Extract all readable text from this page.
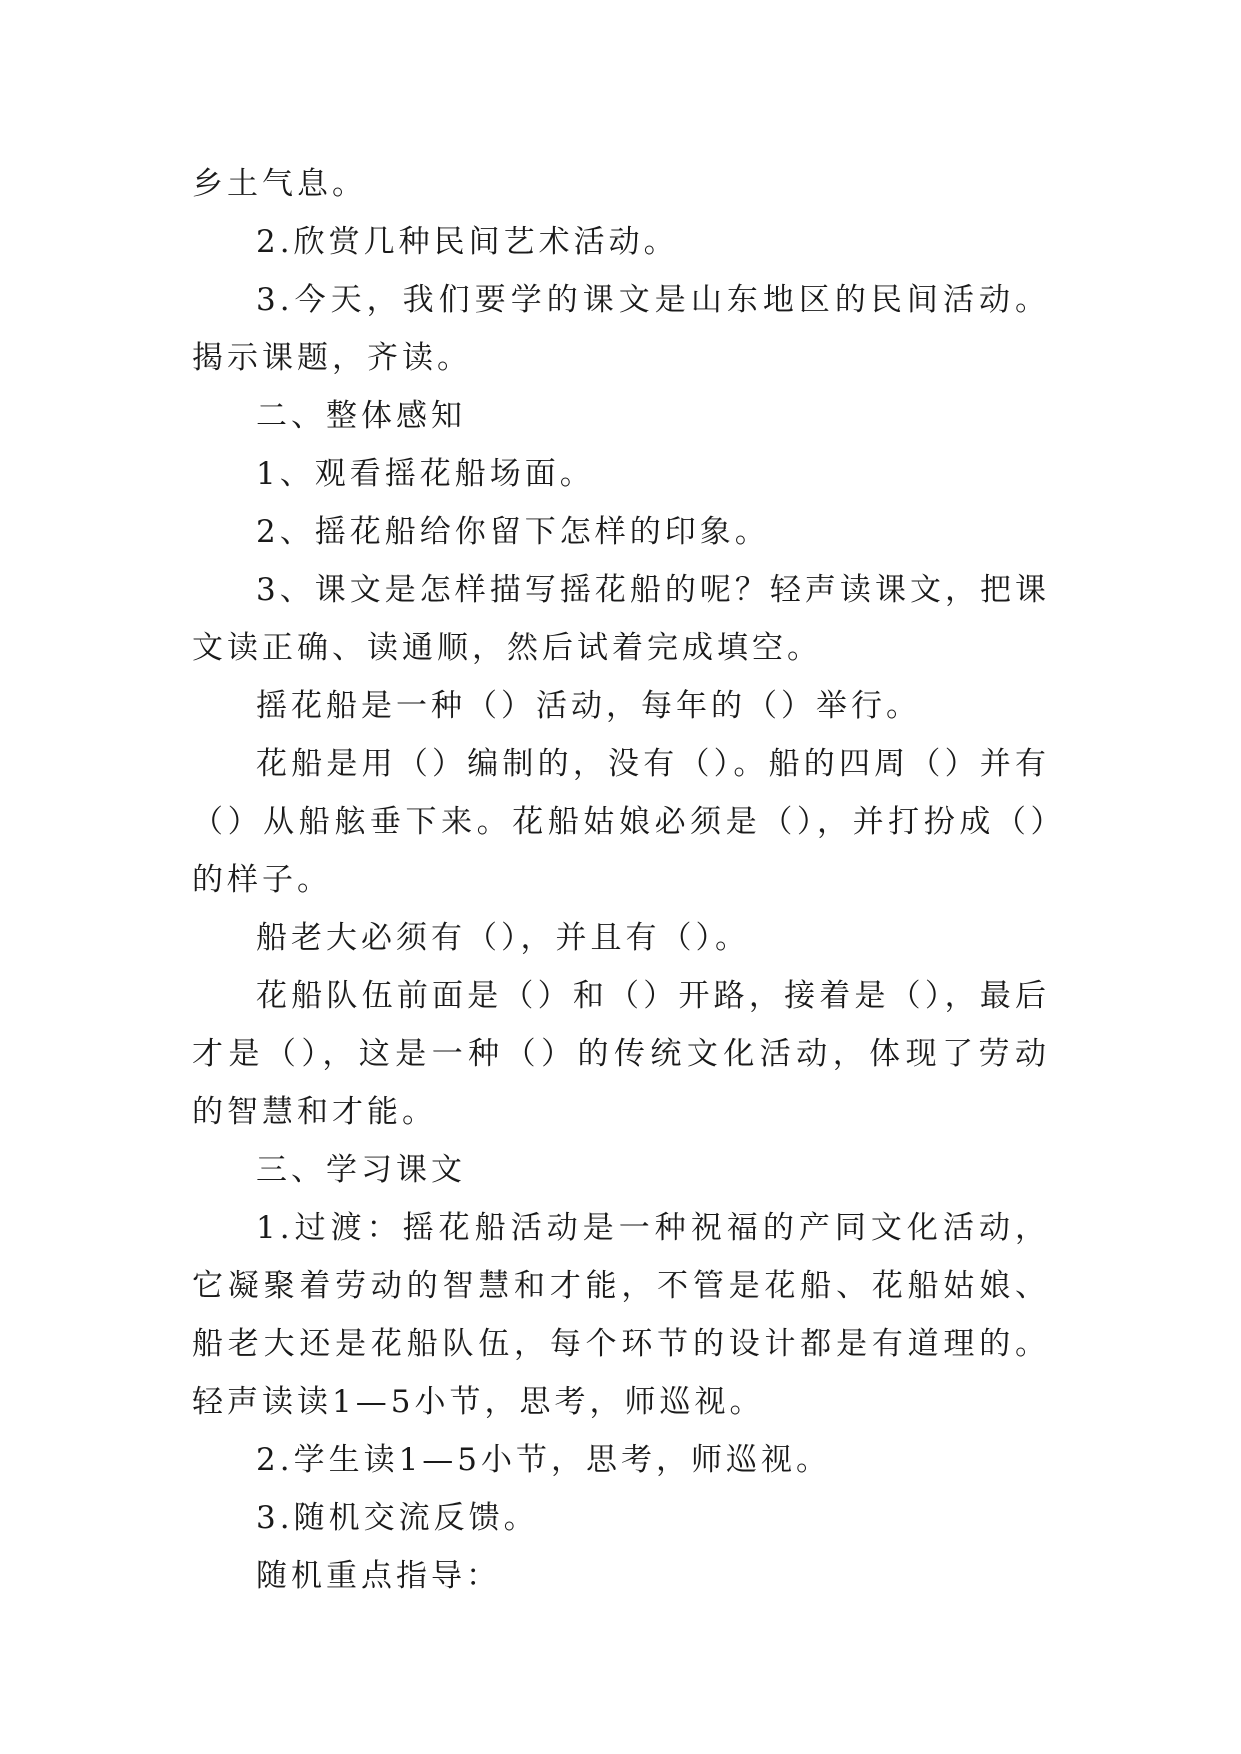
乡土气息。

2.欣赏几种民间艺术活动。

3.今天，我们要学的课文是山东地区的民间活动。揭示课题，齐读。

二、整体感知

1、观看摇花船场面。

2、摇花船给你留下怎样的印象。

3、课文是怎样描写摇花船的呢？轻声读课文，把课文读正确、读通顺，然后试着完成填空。

摇花船是一种（）活动，每年的（）举行。

花船是用（）编制的，没有（）。船的四周（）并有（）从船舷垂下来。花船姑娘必须是（），并打扮成（）的样子。

船老大必须有（），并且有（）。

花船队伍前面是（）和（）开路，接着是（），最后才是（），这是一种（）的传统文化活动，体现了劳动的智慧和才能。

三、学习课文

1.过渡：摇花船活动是一种祝福的产同文化活动，它凝聚着劳动的智慧和才能，不管是花船、花船姑娘、船老大还是花船队伍，每个环节的设计都是有道理的。轻声读读1—5小节，思考，师巡视。

2.学生读1—5小节，思考，师巡视。

3.随机交流反馈。

随机重点指导：
